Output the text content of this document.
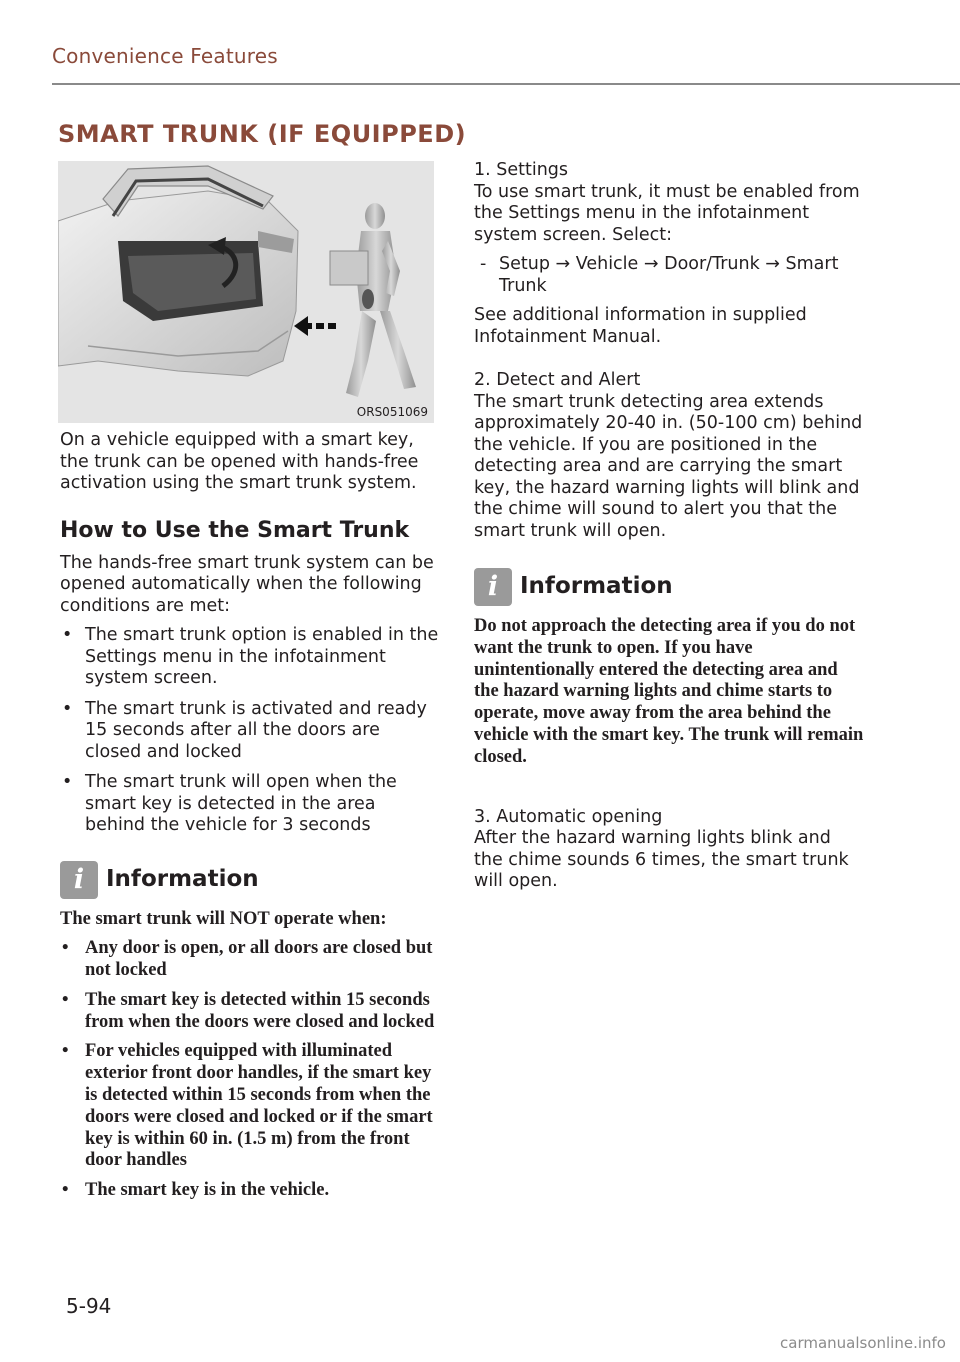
Convenience Features
SMART TRUNK (IF EQUIPPED)
ORS051069

On a vehicle equipped with a smart key, the trunk can be opened with hands-free activation using the smart trunk system.

How to Use the Smart Trunk

The hands-free smart trunk system can be opened automatically when the following conditions are met:

• The smart trunk option is enabled in the Settings menu in the infotainment system screen.
• The smart trunk is activated and ready 15 seconds after all the doors are closed and locked
• The smart trunk will open when the smart key is detected in the area behind the vehicle for 3 seconds
i Information

The smart trunk will NOT operate when:

• Any door is open, or all doors are closed but not locked
• The smart key is detected within 15 seconds from when the doors were closed and locked
• For vehicles equipped with illuminated exterior front door handles, if the smart key is detected within 15 seconds from when the doors were closed and locked or if the smart key is within 60 in. (1.5 m) from the front door handles
• The smart key is in the vehicle.

1. Settings

To use smart trunk, it must be enabled from the Settings menu in the infotainment system screen. Select:

- Setup → Vehicle → Door/Trunk → Smart Trunk

See additional information in supplied Infotainment Manual.

2. Detect and Alert

The smart trunk detecting area extends approximately 20-40 in. (50-100 cm) behind the vehicle. If you are positioned in the detecting area and are carrying the smart key, the hazard warning lights will blink and the chime will sound to alert you that the smart trunk will open.

i Information

Do not approach the detecting area if you do not want the trunk to open. If you have unintentionally entered the detecting area and the hazard warning lights and chime starts to operate, move away from the area behind the vehicle with the smart key. The trunk will remain closed.

3. Automatic opening

After the hazard warning lights blink and the chime sounds 6 times, the smart trunk will open.

5-94
carmanualsonline.info
